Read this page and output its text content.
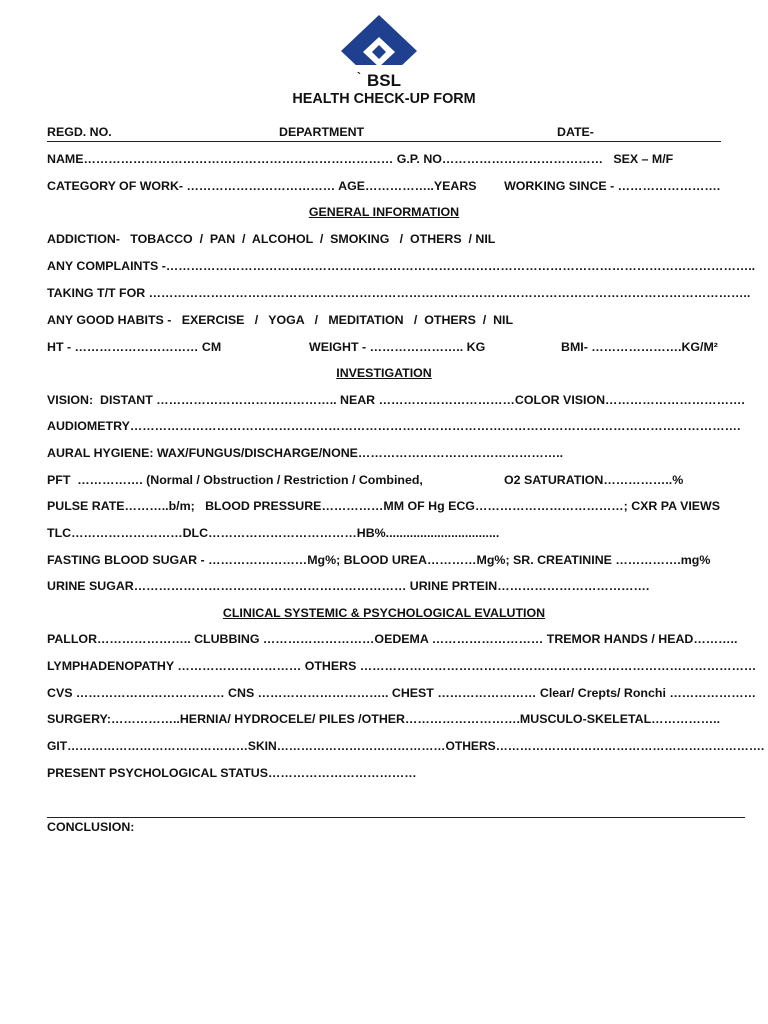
` BSL
HEALTH CHECK-UP FORM
REGD. NO.	DEPARTMENT	DATE-
NAME………………………………………………………………… G.P. NO…………………………………   SEX – M/F
CATEGORY OF WORK- ……………………………… AGE……………..YEARS        WORKING SINCE - …………………….
GENERAL INFORMATION
ADDICTION-   TOBACCO  /  PAN  /  ALCOHOL  /  SMOKING   /  OTHERS  / NIL
ANY COMPLAINTS -……………………………………………………………………………………………………………………………..
TAKING T/T FOR ………………………………………………………………………………………………………………………………..
ANY GOOD HABITS -   EXERCISE   /   YOGA   /   MEDITATION   /  OTHERS  /  NIL
HT - ………………………… CM	WEIGHT - ………………….. KG	BMI- ………………….KG/M²
INVESTIGATION
VISION:  DISTANT …………………………………….. NEAR ……………………………COLOR VISION…………………………….
AUDIOMETRY………………………………………………………………………………………………………………………………….
AURAL HYGIENE: WAX/FUNGUS/DISCHARGE/NONE…………………………………………..
PFT  ……………. (Normal / Obstruction / Restriction / Combined,	O2 SATURATION……………..%
PULSE RATE………..b/m;   BLOOD PRESSURE……………MM OF Hg ECG………………………………; CXR PA VIEWS
TLC………………………DLC………………………………HB%.................................
FASTING BLOOD SUGAR - ……………………Mg%; BLOOD UREA…………Mg%; SR. CREATININE …………….mg%
URINE SUGAR………………………………………………………… URINE PRTEIN……………………………….
CLINICAL SYSTEMIC & PSYCHOLOGICAL EVALUTION
PALLOR………………….. CLUBBING ………………………OEDEMA ……………………… TREMOR HANDS / HEAD………..
LYMPHADENOPATHY ………………………… OTHERS ……………………………………………………………………………………
CVS ……………………………… CNS ………………………….. CHEST …………………… Clear/ Crepts/ Ronchi …………………
SURGERY:……………..HERNIA/ HYDROCELE/ PILES /OTHER……………………….MUSCULO-SKELETAL……………..
GIT………………………………………SKIN……………………………………OTHERS………………………………………………………….
PRESENT PSYCHOLOGICAL STATUS………………………………
CONCLUSION:
